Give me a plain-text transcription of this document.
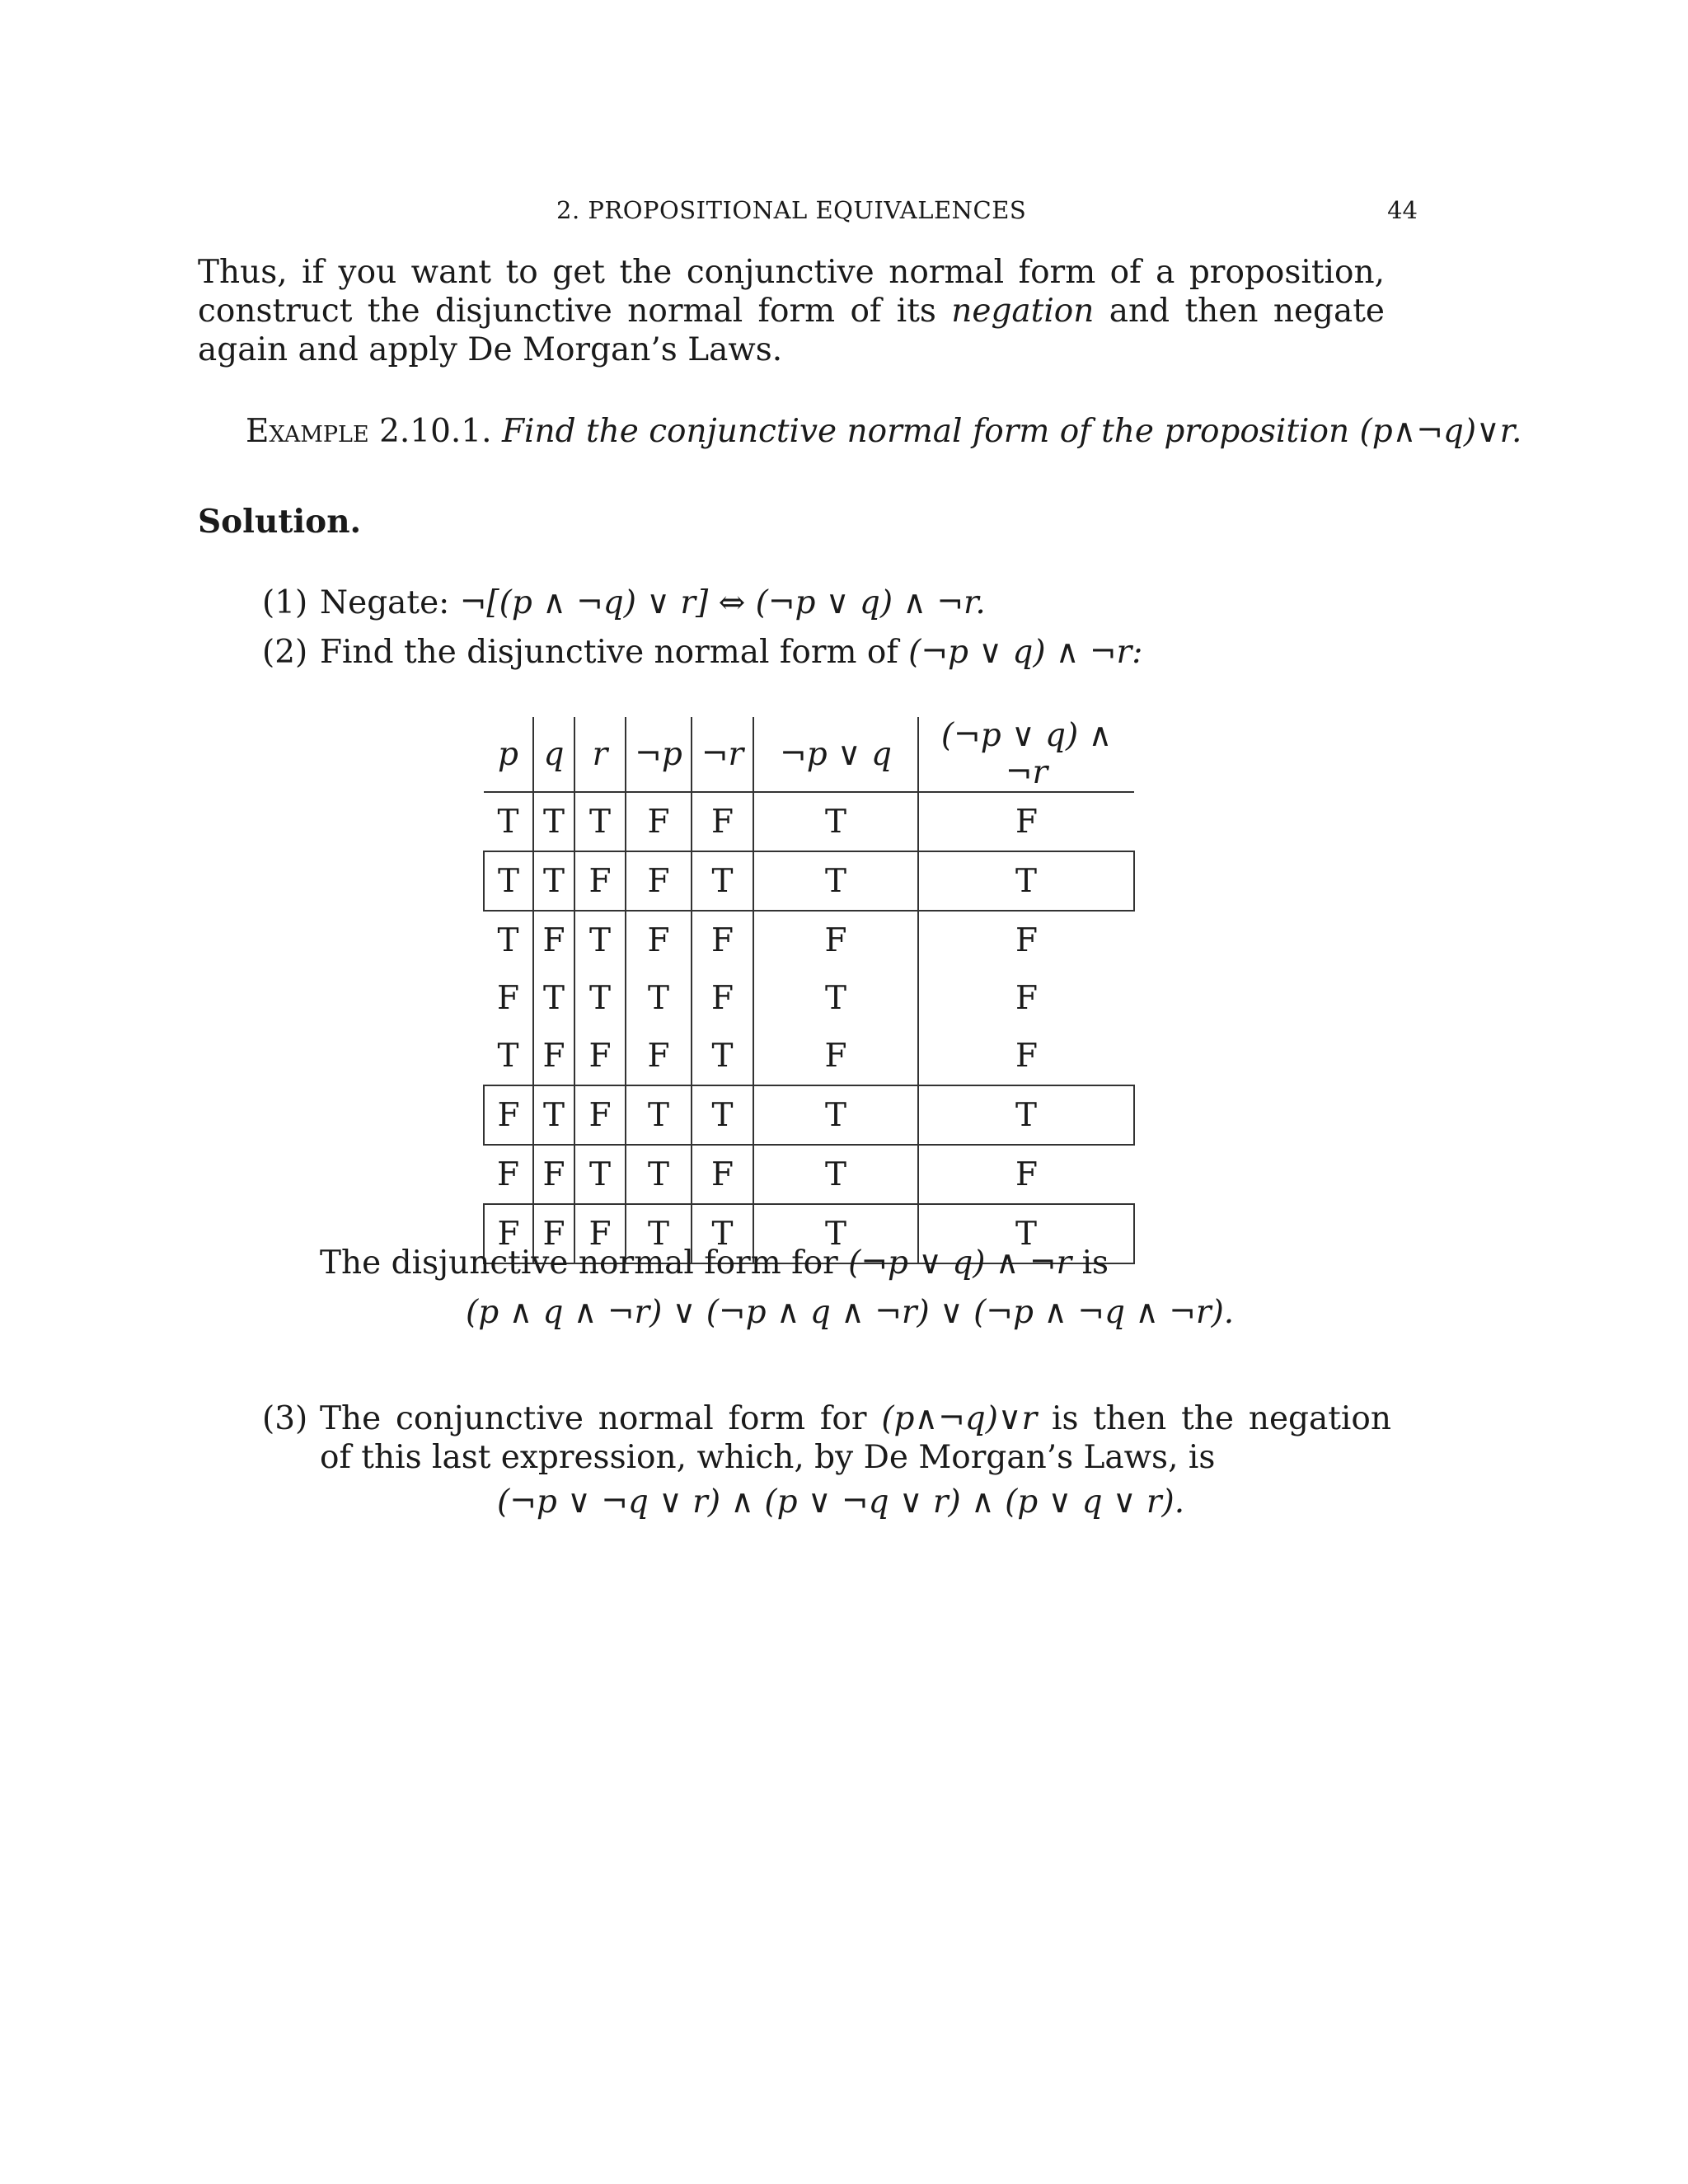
2. PROPOSITIONAL EQUIVALENCES	44
Thus, if you want to get the conjunctive normal form of a proposition, construct the disjunctive normal form of its negation and then negate again and apply De Morgan’s Laws.
Example 2.10.1. Find the conjunctive normal form of the proposition (p∧¬q)∨r.
Solution.
(1) Negate: ¬[(p ∧ ¬q) ∨ r] ⇔ (¬p ∨ q) ∧ ¬r.
(2) Find the disjunctive normal form of (¬p ∨ q) ∧ ¬r:
p	q	r	¬p	¬r	¬p ∨ q	(¬p ∨ q) ∧ ¬r
T	T	T	F	F	T	F
T	T	F	F	T	T	T
T	F	T	F	F	F	F
F	T	T	T	F	T	F
T	F	F	F	T	F	F
F	T	F	T	T	T	T
F	F	T	T	F	T	F
F	F	F	T	T	T	T
The disjunctive normal form for (¬p ∨ q) ∧ ¬r is
(p ∧ q ∧ ¬r) ∨ (¬p ∧ q ∧ ¬r) ∨ (¬p ∧ ¬q ∧ ¬r).
(3) The conjunctive normal form for (p∧¬q)∨r is then the negation of this last expression, which, by De Morgan’s Laws, is
(¬p ∨ ¬q ∨ r) ∧ (p ∨ ¬q ∨ r) ∧ (p ∨ q ∨ r).
